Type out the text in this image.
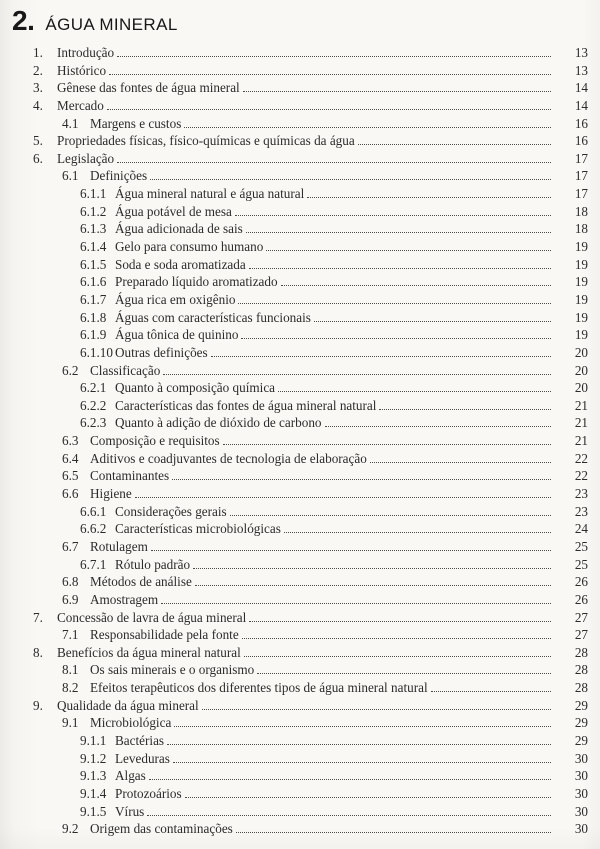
2. ÁGUA MINERAL
1.	Introdução	13
2.	Histórico	13
3.	Gênese das fontes de água mineral	14
4.	Mercado	14
4.1 Margens e custos	16
5.	Propriedades físicas, físico-químicas e químicas da água	16
6.	Legislação	17
6.1 Definições	17
6.1.1 Água mineral natural e água natural	17
6.1.2 Água potável de mesa	18
6.1.3 Água adicionada de sais	18
6.1.4 Gelo para consumo humano	19
6.1.5 Soda e soda aromatizada	19
6.1.6 Preparado líquido aromatizado	19
6.1.7 Água rica em oxigênio	19
6.1.8 Águas com características funcionais	19
6.1.9 Água tônica de quinino	19
6.1.10 Outras definições	20
6.2 Classificação	20
6.2.1 Quanto à composição química	20
6.2.2 Características das fontes de água mineral natural	21
6.2.3 Quanto à adição de dióxido de carbono	21
6.3 Composição e requisitos	21
6.4 Aditivos e coadjuvantes de tecnologia de elaboração	22
6.5 Contaminantes	22
6.6 Higiene	23
6.6.1 Considerações gerais	23
6.6.2 Características microbiológicas	24
6.7 Rotulagem	25
6.7.1 Rótulo padrão	25
6.8 Métodos de análise	26
6.9 Amostragem	26
7.	Concessão de lavra de água mineral	27
7.1 Responsabilidade pela fonte	27
8.	Benefícios da água mineral natural	28
8.1 Os sais minerais e o organismo	28
8.2 Efeitos terapêuticos dos diferentes tipos de água mineral natural	28
9.	Qualidade da água mineral	29
9.1 Microbiológica	29
9.1.1 Bactérias	29
9.1.2 Leveduras	30
9.1.3 Algas	30
9.1.4 Protozoários	30
9.1.5 Vírus	30
9.2 Origem das contaminações	30
